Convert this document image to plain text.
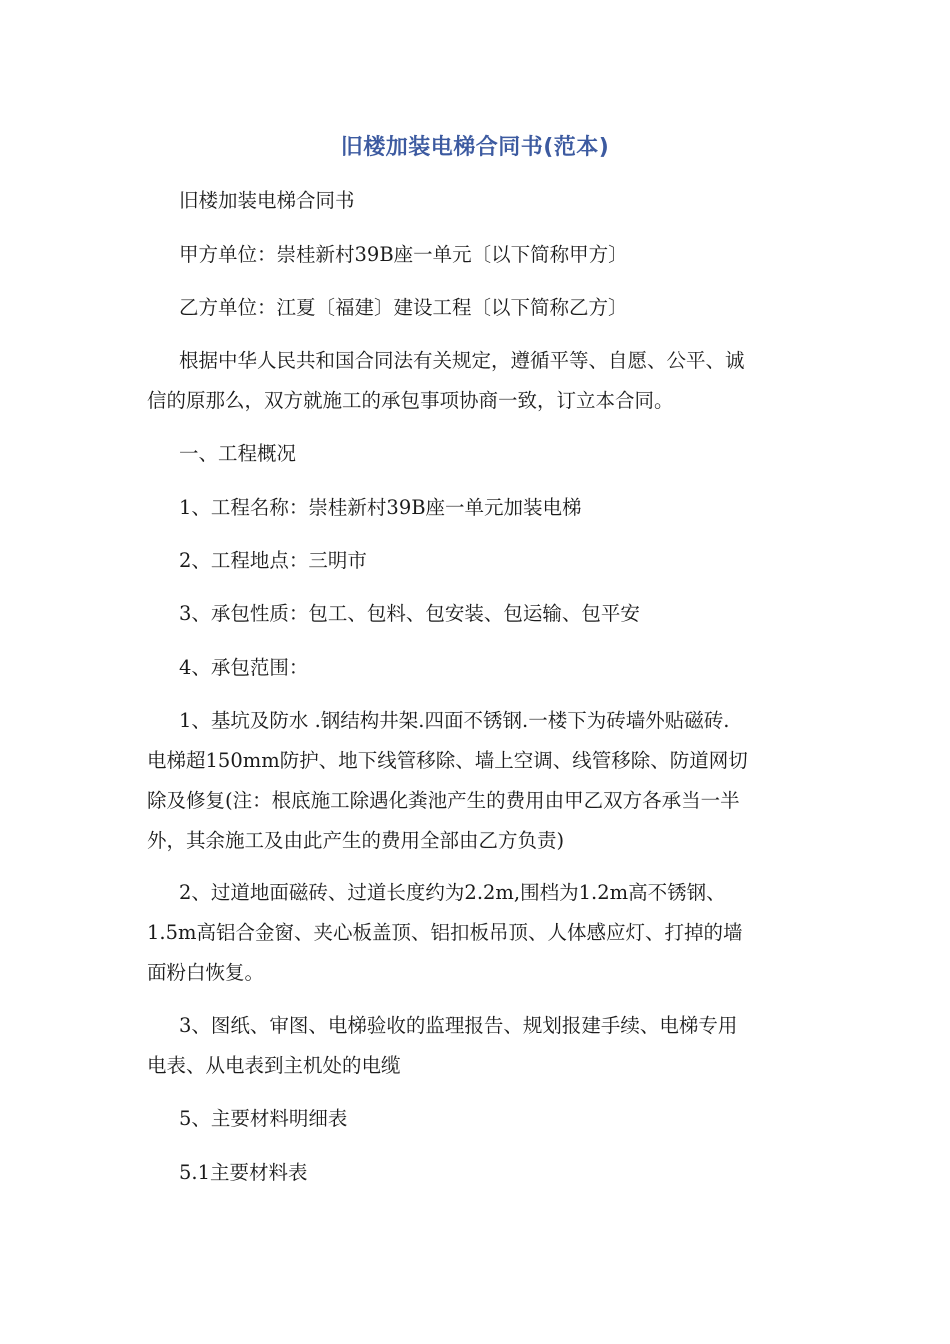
旧楼加装电梯合同书(范本)
旧楼加装电梯合同书
甲方单位：崇桂新村39B座一单元〔以下简称甲方〕
乙方单位：江夏〔福建〕建设工程〔以下简称乙方〕
根据中华人民共和国合同法有关规定，遵循平等、自愿、公平、诚
信的原那么，双方就施工的承包事项协商一致，订立本合同。
一、工程概况
1、工程名称：崇桂新村39B座一单元加装电梯
2、工程地点：三明市
3、承包性质：包工、包料、包安装、包运输、包平安
4、承包范围：
1、基坑及防水 .钢结构井架.四面不锈钢.一楼下为砖墙外贴磁砖.
电梯超150mm防护、地下线管移除、墙上空调、线管移除、防道网切
除及修复(注：根底施工除遇化粪池产生的费用由甲乙双方各承当一半
外，其余施工及由此产生的费用全部由乙方负责)
2、过道地面磁砖、过道长度约为2.2m,围档为1.2m高不锈钢、
1.5m高铝合金窗、夹心板盖顶、铝扣板吊顶、人体感应灯、打掉的墙
面粉白恢复。
3、图纸、审图、电梯验收的监理报告、规划报建手续、电梯专用
电表、从电表到主机处的电缆
5、主要材料明细表
5.1主要材料表
